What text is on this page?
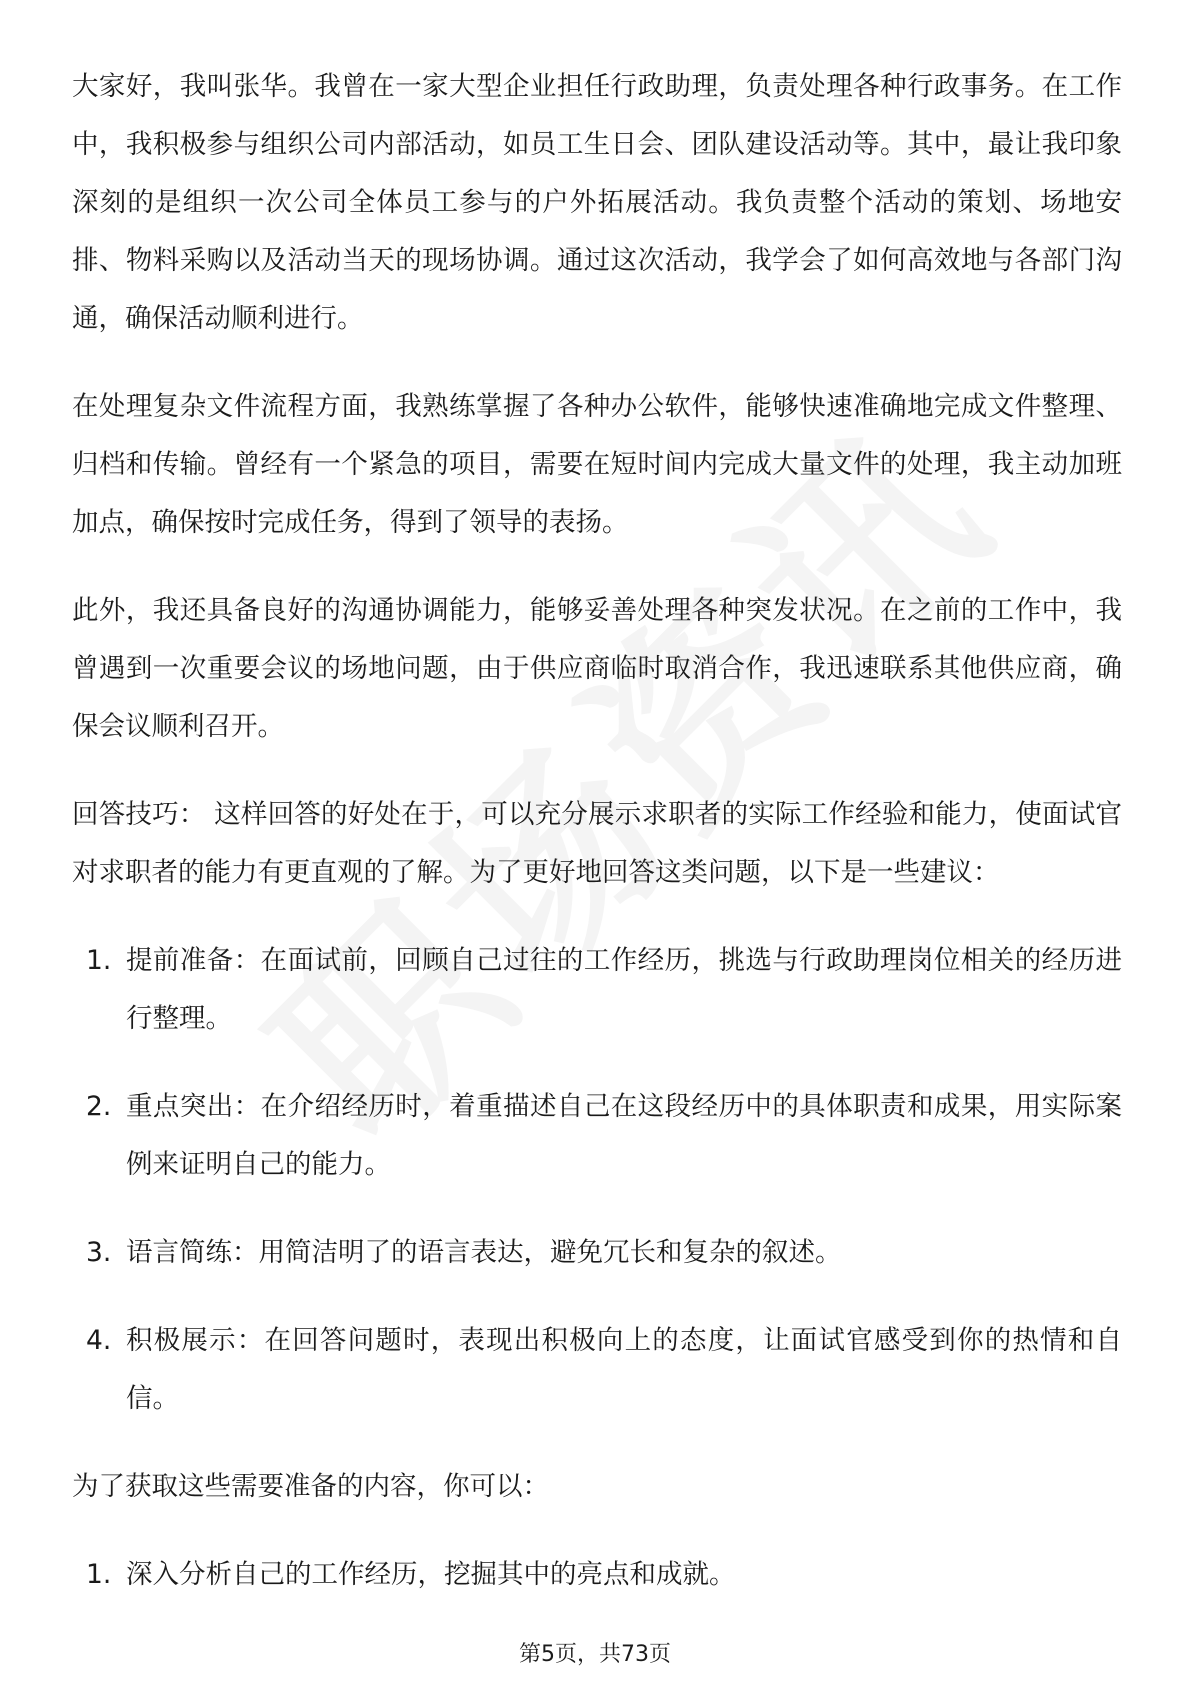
大家好，我叫张华。我曾在一家大型企业担任行政助理，负责处理各种行政事务。在工作中，我积极参与组织公司内部活动，如员工生日会、团队建设活动等。其中，最让我印象深刻的是组织一次公司全体员工参与的户外拓展活动。我负责整个活动的策划、场地安排、物料采购以及活动当天的现场协调。通过这次活动，我学会了如何高效地与各部门沟通，确保活动顺利进行。

在处理复杂文件流程方面，我熟练掌握了各种办公软件，能够快速准确地完成文件整理、归档和传输。曾经有一个紧急的项目，需要在短时间内完成大量文件的处理，我主动加班加点，确保按时完成任务，得到了领导的表扬。

此外，我还具备良好的沟通协调能力，能够妥善处理各种突发状况。在之前的工作中，我曾遇到一次重要会议的场地问题，由于供应商临时取消合作，我迅速联系其他供应商，确保会议顺利召开。

回答技巧： 这样回答的好处在于，可以充分展示求职者的实际工作经验和能力，使面试官对求职者的能力有更直观的了解。为了更好地回答这类问题，以下是一些建议：

1. 提前准备：在面试前，回顾自己过往的工作经历，挑选与行政助理岗位相关的经历进行整理。
2. 重点突出：在介绍经历时，着重描述自己在这段经历中的具体职责和成果，用实际案例来证明自己的能力。
3. 语言简练：用简洁明了的语言表达，避免冗长和复杂的叙述。
4. 积极展示：在回答问题时，表现出积极向上的态度，让面试官感受到你的热情和自信。

为了获取这些需要准备的内容，你可以：

1. 深入分析自己的工作经历，挖掘其中的亮点和成就。
第5页，共73页
